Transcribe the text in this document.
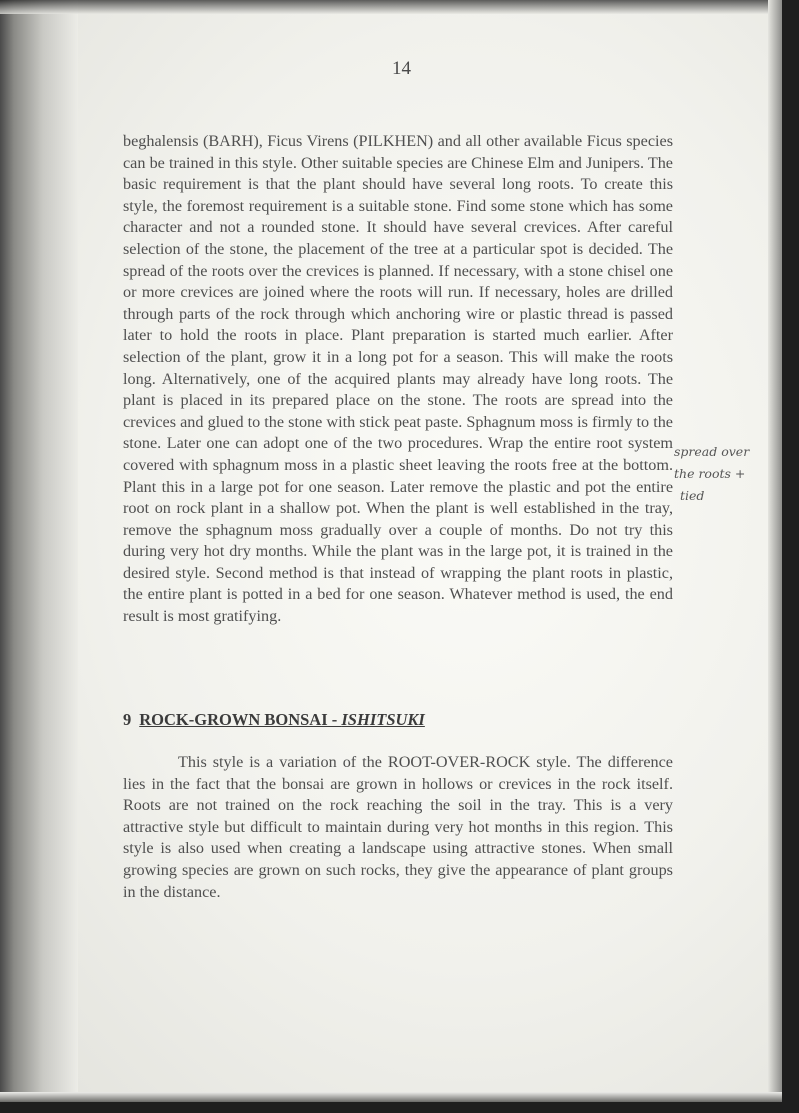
14

beghalensis (BARH), Ficus Virens (PILKHEN) and all other available Ficus species can be trained in this style. Other suitable species are Chinese Elm and Junipers. The basic requirement is that the plant should have several long roots. To create this style, the foremost requirement is a suitable stone. Find some stone which has some character and not a rounded stone. It should have several crevices. After careful selection of the stone, the placement of the tree at a particular spot is decided. The spread of the roots over the crevices is planned. If necessary, with a stone chisel one or more crevices are joined where the roots will run. If necessary, holes are drilled through parts of the rock through which anchoring wire or plastic thread is passed later to hold the roots in place. Plant preparation is started much earlier. After selection of the plant, grow it in a long pot for a season. This will make the roots long. Alternatively, one of the acquired plants may already have long roots. The plant is placed in its prepared place on the stone. The roots are spread into the crevices and glued to the stone with stick peat paste. Sphagnum moss is firmly to the stone. Later one can adopt one of the two procedures. Wrap the entire root system covered with sphagnum moss in a plastic sheet leaving the roots free at the bottom. Plant this in a large pot for one season. Later remove the plastic and pot the entire root on rock plant in a shallow pot. When the plant is well established in the tray, remove the sphagnum moss gradually over a couple of months. Do not try this during very hot dry months. While the plant was in the large pot, it is trained in the desired style. Second method is that instead of wrapping the plant roots in plastic, the entire plant is potted in a bed for one season. Whatever method is used, the end result is most gratifying.

spread over
the roots +
tied
9 ROCK-GROWN BONSAI - ISHITSUKI

This style is a variation of the ROOT-OVER-ROCK style. The difference lies in the fact that the bonsai are grown in hollows or crevices in the rock itself. Roots are not trained on the rock reaching the soil in the tray. This is a very attractive style but difficult to maintain during very hot months in this region. This style is also used when creating a landscape using attractive stones. When small growing species are grown on such rocks, they give the appearance of plant groups in the distance.
